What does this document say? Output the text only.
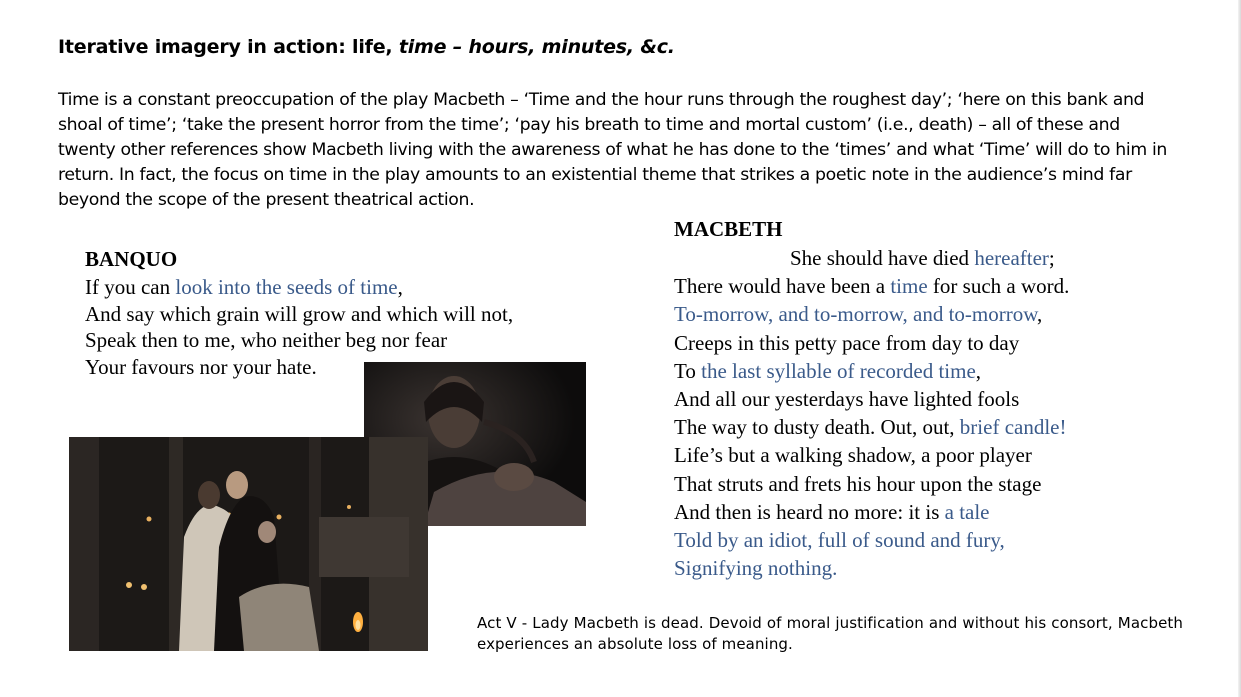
Iterative imagery in action: life, time – hours, minutes, &c.

Time is a constant preoccupation of the play Macbeth – ‘Time and the hour runs through the roughest day’; ‘here on this bank and shoal of time’; ‘take the present horror from the time’; ‘pay his breath to time and mortal custom’ (i.e., death) – all of these and twenty other references show Macbeth living with the awareness of what he has done to the ‘times’ and what ‘Time’ will do to him in return. In fact, the focus on time in the play amounts to an existential theme that strikes a poetic note in the audience’s mind far beyond the scope of the present theatrical action.

BANQUO
If you can look into the seeds of time,
And say which grain will grow and which will not,
Speak then to me, who neither beg nor fear
Your favours nor your hate.
MACBETH
She should have died hereafter;
There would have been a time for such a word.
To-morrow, and to-morrow, and to-morrow,
Creeps in this petty pace from day to day
To the last syllable of recorded time,
And all our yesterdays have lighted fools
The way to dusty death. Out, out, brief candle!
Life’s but a walking shadow, a poor player
That struts and frets his hour upon the stage
And then is heard no more: it is a tale
Told by an idiot, full of sound and fury,
Signifying nothing.

Act V - Lady Macbeth is dead. Devoid of moral justification and without his consort, Macbeth experiences an absolute loss of meaning.
